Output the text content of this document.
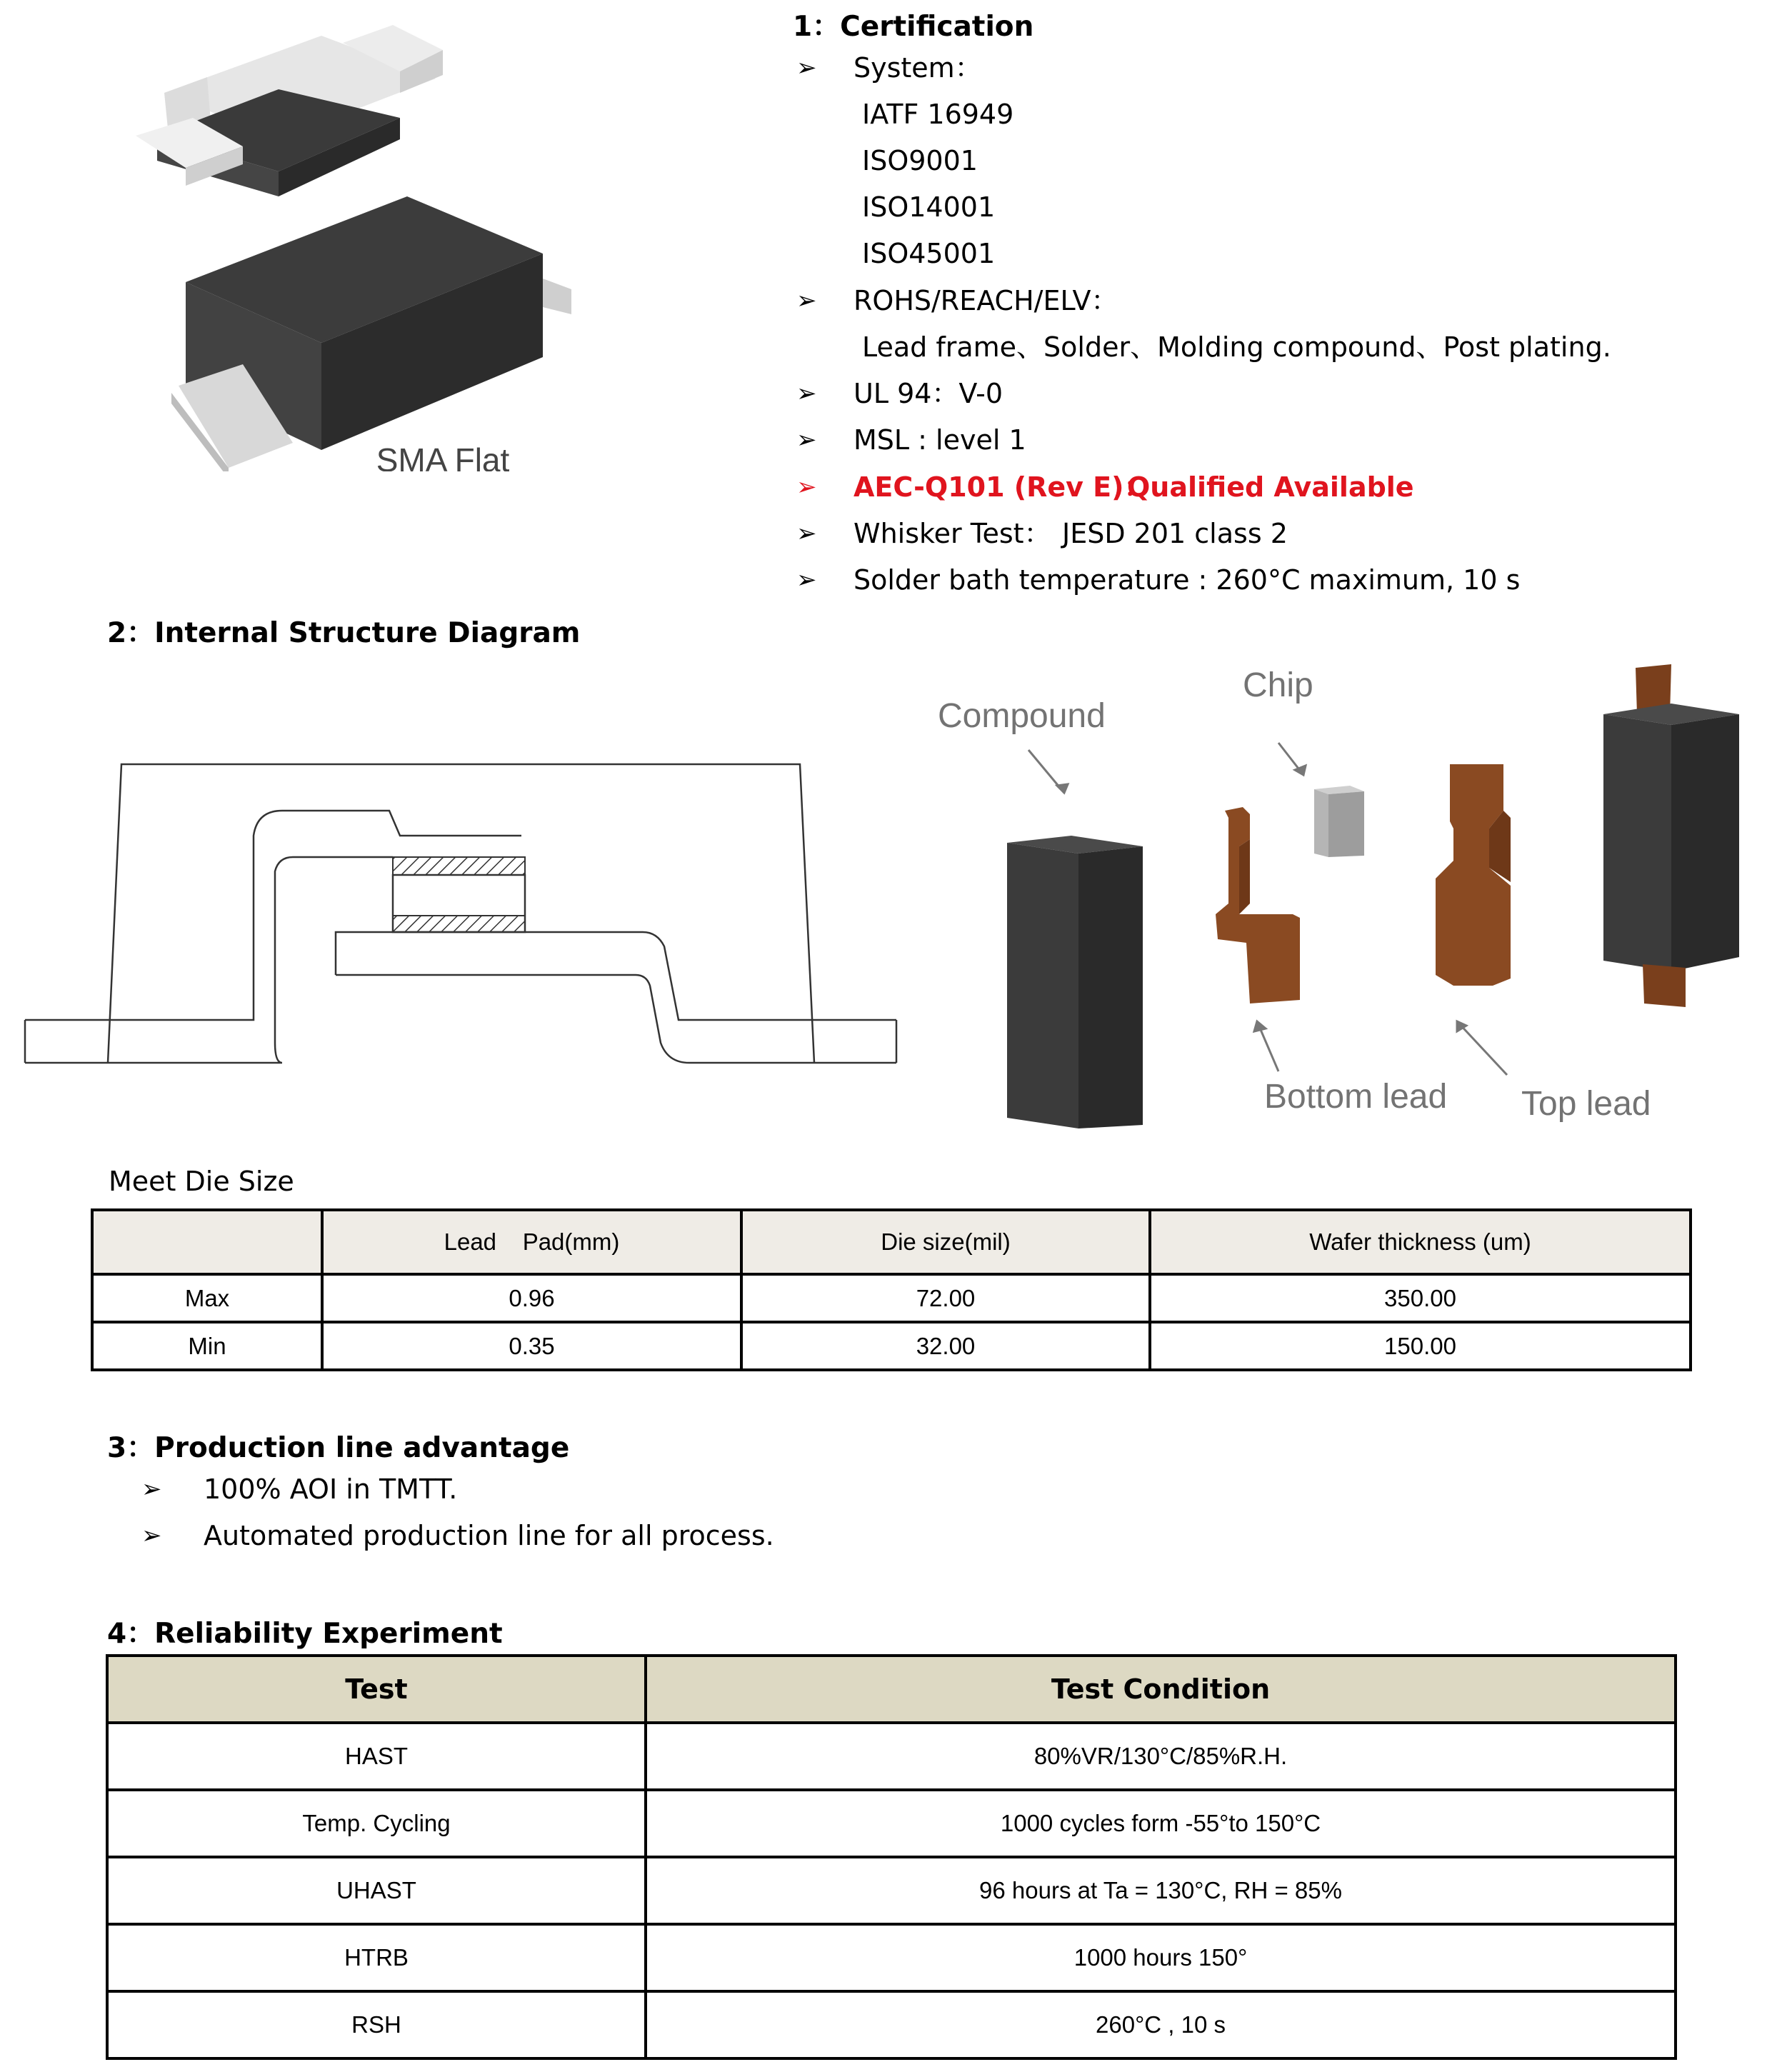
SMA Flat
1：Certification
➢ System：
IATF 16949
ISO9001
ISO14001
ISO45001
➢ ROHS/REACH/ELV：
Lead frame、Solder、Molding compound、Post plating.
➢ UL 94：V-0
➢ MSL : level 1
➢ AEC-Q101 (Rev E)：
Qualified Available
➢ Whisker Test： JESD 201 class 2
➢ Solder bath temperature : 260°C maximum, 10 s
2：Internal Structure Diagram
Compound
Chip
Bottom lead Top lead
Meet Die Size
	Lead    Pad(mm)	Die size(mil)	Wafer thickness (um)
Max	0.96	72.00	350.00
Min	0.35	32.00	150.00
3：Production line advantage
➢ 100% AOI in TMTT.
➢ Automated production line for all process.
4：Reliability Experiment
Test	Test Condition
HAST	80%VR/130°C/85%R.H.
Temp. Cycling	1000 cycles form -55°to 150°C
UHAST	96 hours at Ta = 130°C, RH = 85%
HTRB	1000 hours 150°
RSH	260°C , 10 s
